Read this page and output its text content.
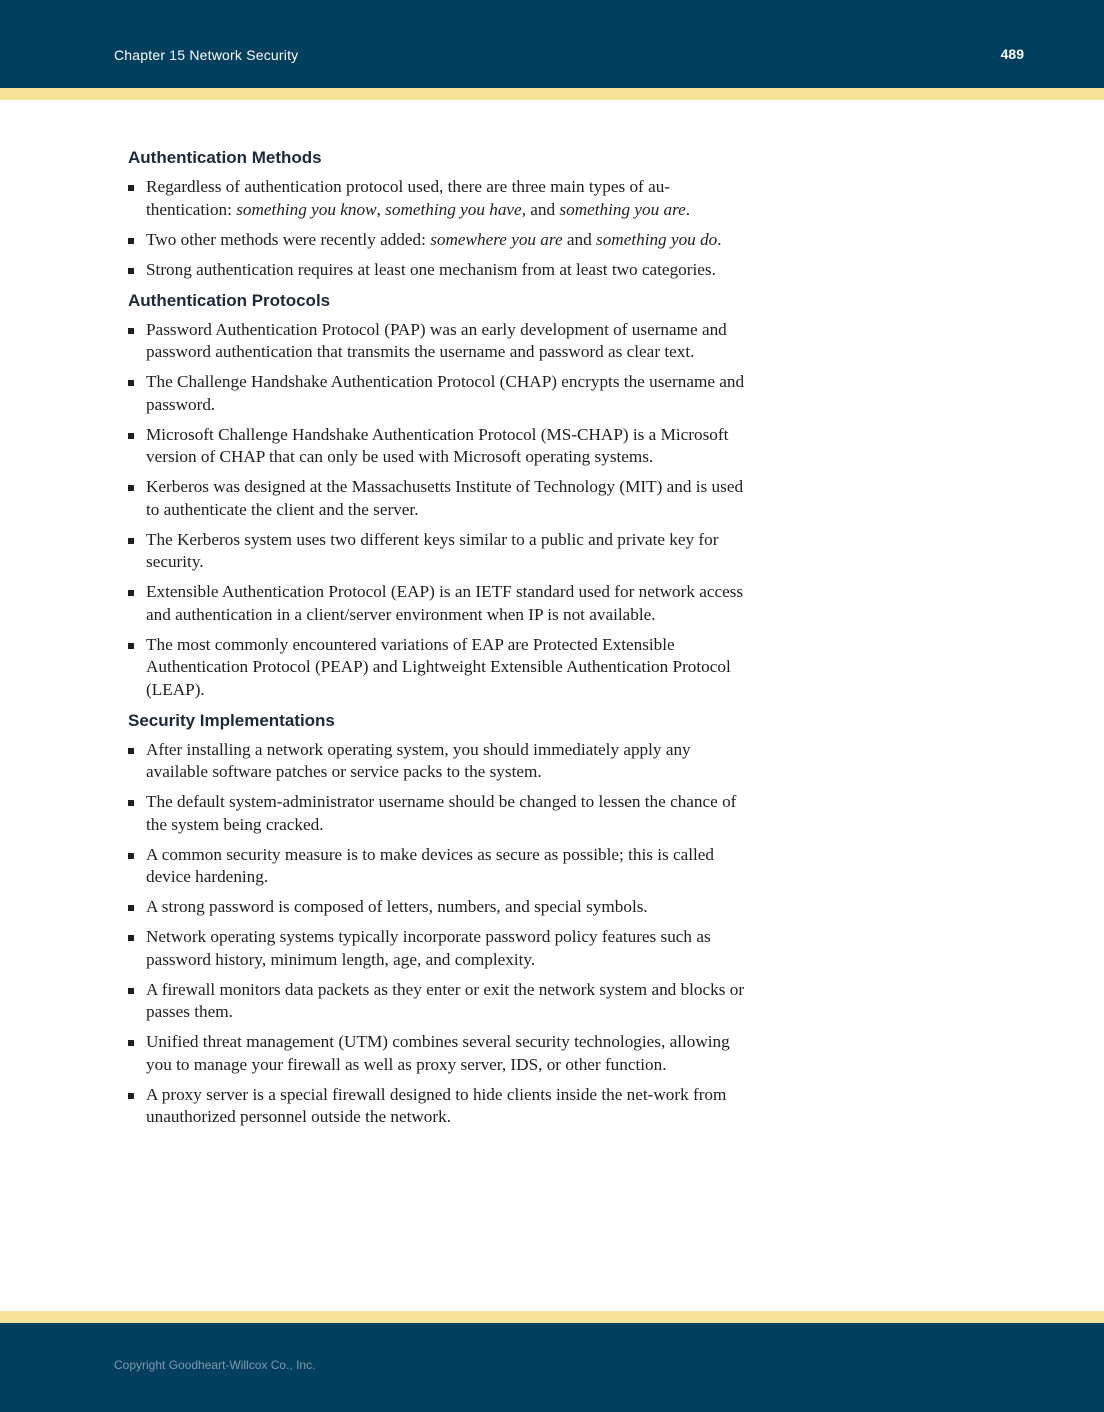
Chapter 15 Network Security	489
Authentication Methods
Regardless of authentication protocol used, there are three main types of au-thentication: something you know, something you have, and something you are.
Two other methods were recently added: somewhere you are and something you do.
Strong authentication requires at least one mechanism from at least two categories.
Authentication Protocols
Password Authentication Protocol (PAP) was an early development of username and password authentication that transmits the username and password as clear text.
The Challenge Handshake Authentication Protocol (CHAP) encrypts the username and password.
Microsoft Challenge Handshake Authentication Protocol (MS-CHAP) is a Microsoft version of CHAP that can only be used with Microsoft operating systems.
Kerberos was designed at the Massachusetts Institute of Technology (MIT) and is used to authenticate the client and the server.
The Kerberos system uses two different keys similar to a public and private key for security.
Extensible Authentication Protocol (EAP) is an IETF standard used for network access and authentication in a client/server environment when IP is not available.
The most commonly encountered variations of EAP are Protected Extensible Authentication Protocol (PEAP) and Lightweight Extensible Authentication Protocol (LEAP).
Security Implementations
After installing a network operating system, you should immediately apply any available software patches or service packs to the system.
The default system-administrator username should be changed to lessen the chance of the system being cracked.
A common security measure is to make devices as secure as possible; this is called device hardening.
A strong password is composed of letters, numbers, and special symbols.
Network operating systems typically incorporate password policy features such as password history, minimum length, age, and complexity.
A firewall monitors data packets as they enter or exit the network system and blocks or passes them.
Unified threat management (UTM) combines several security technologies, allowing you to manage your firewall as well as proxy server, IDS, or other function.
A proxy server is a special firewall designed to hide clients inside the net-work from unauthorized personnel outside the network.
Copyright Goodheart-Willcox Co., Inc.
